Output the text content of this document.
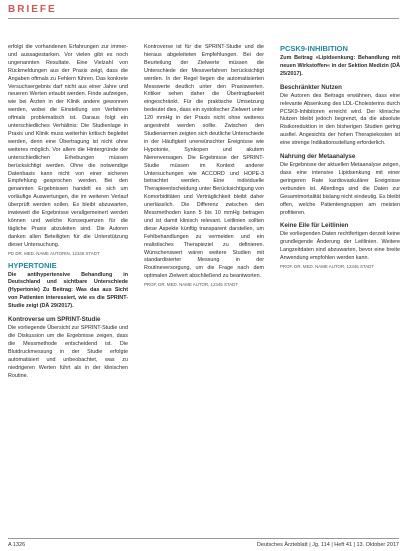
BRIEFE

erfolgt die vorhandenen Erfahrungen zur immer- und aussagestarken. Vor vielen gibt es noch ungenannten Resultate. Eine Vielzahl von Rückmeldungen aus der Praxis zeigt, dass die Angaben oftmals zu Fehlern führen. Das konkrete Versuchsergebnis darf nicht aus einer Jahre und neueren Werten erlaubt werden. Finde aufzeigen, wie bei Ärzten in der Klinik andere gewonnen werden, wobei die Einstellung von Verfahren oftmals problematisch ist. Daraus folgt ein unterschiedliches Verhältnis: Die Studienlage in Praxis und Klinik muss weiterhin kritisch begleitet werden, denn eine Übertragung ist nicht ohne weiteres möglich. Vor allem die Hintergründe der unterschiedlichen Erhebungen müssen berücksichtigt werden. Ohne die notwendige Datenbasis kann nicht von einer sicheren Empfehlung gesprochen werden. Bei den genannten Ergebnissen handelt es sich um vorläufige Auswertungen, die im weiteren Verlauf überprüft werden sollen. Es bleibt abzuwarten, inwieweit die Ergebnisse verallgemeinert werden können und welche Konsequenzen für die tägliche Praxis abzuleiten sind. Die Autoren danken allen Beteiligten für die Unterstützung dieser Untersuchung.

PD DR. MED. NAME AUTORIN, 12345 STADT
HYPERTONIE

Die antihypertensive Behandlung in Deutschland und sichtbare Unterschiede (Hypertonie) Zu Beitrag: Was das aus Sicht von Patienten interessiert, wie es die SPRINT-Studie zeigt (DÄ 29/2017).

Kontroverse um SPRINT-Studie

Die vorliegende Übersicht zur SPRINT-Studie und die Diskussion um die Ergebnisse zeigen, dass die Messmethode entscheidend ist. Die Blutdruckmessung in der Studie erfolgte automatisiert und unbeobachtet, was zu niedrigeren Werten führt als in der klinischen Routine.

Kontroverse ist für die SPRINT-Studie und die hieraus abgeleiteten Empfehlungen. Bei der Beurteilung der Zielwerte müssen die Unterschiede der Messverfahren berücksichtigt werden. In der Regel liegen die automatisierten Messwerte deutlich unter den Praxiswerten. Kritiker sehen daher die Übertragbarkeit eingeschränkt. Für die praktische Umsetzung bedeutet dies, dass ein systolischer Zielwert unter 120 mmHg in der Praxis nicht ohne weiteres angestrebt werden sollte. Zwischen den Studienarmen zeigten sich deutliche Unterschiede in der Häufigkeit unerwünschter Ereignisse wie Hypotonie, Synkopen und akutem Nierenversagen. Die Ergebnisse der SPRINT-Studie müssen im Kontext anderer Untersuchungen wie ACCORD und HOPE-3 betrachtet werden. Eine individuelle Therapieentscheidung unter Berücksichtigung von Komorbiditäten und Verträglichkeit bleibt daher unerlässlich. Die Differenz zwischen den Messmethoden kann 5 bis 10 mmHg betragen und ist damit klinisch relevant. Leitlinien sollten diese Aspekte künftig transparent darstellen, um Fehlbehandlungen zu vermeiden und ein realistisches Therapieziel zu definieren. Wünschenswert wären weitere Studien mit standardisierter Messung in der Routineversorgung, um die Frage nach dem optimalen Zielwert abschließend zu beantworten.

PROF. DR. MED. NAME AUTOR, 12345 STADT
PCSK9-INHIBITION

Zum Beitrag »Lipidsenkung: Behandlung mit neuen Wirkstoffen« in der Sektion Medizin (DÄ 25/2017).

Beschränkter Nutzen

Die Autoren des Beitrags erwähnen, dass eine relevante Absenkung des LDL-Cholesterins durch PCSK9-Inhibitoren erreicht wird. Der klinische Nutzen bleibt jedoch begrenzt, da die absolute Risikoreduktion in den bisherigen Studien gering ausfiel. Angesichts der hohen Therapiekosten ist eine strenge Indikationsstellung erforderlich.

Nahrung der Metaanalyse

Die Ergebnisse der aktuellen Metaanalyse zeigen, dass eine intensive Lipidsenkung mit einer geringeren Rate kardiovaskulärer Ereignisse verbunden ist. Allerdings sind die Daten zur Gesamtmortalität bislang nicht eindeutig. Es bleibt offen, welche Patientengruppen am meisten profitieren.

Keine Eile für Leitlinien

Die vorliegenden Daten rechtfertigen derzeit keine grundlegende Änderung der Leitlinien. Weitere Langzeitdaten sind abzuwarten, bevor eine breite Anwendung empfohlen werden kann.

PROF. DR. MED. NAME AUTOR, 12345 STADT
A 1326	Deutsches Ärzteblatt | Jg. 114 | Heft 41 | 13. Oktober 2017
